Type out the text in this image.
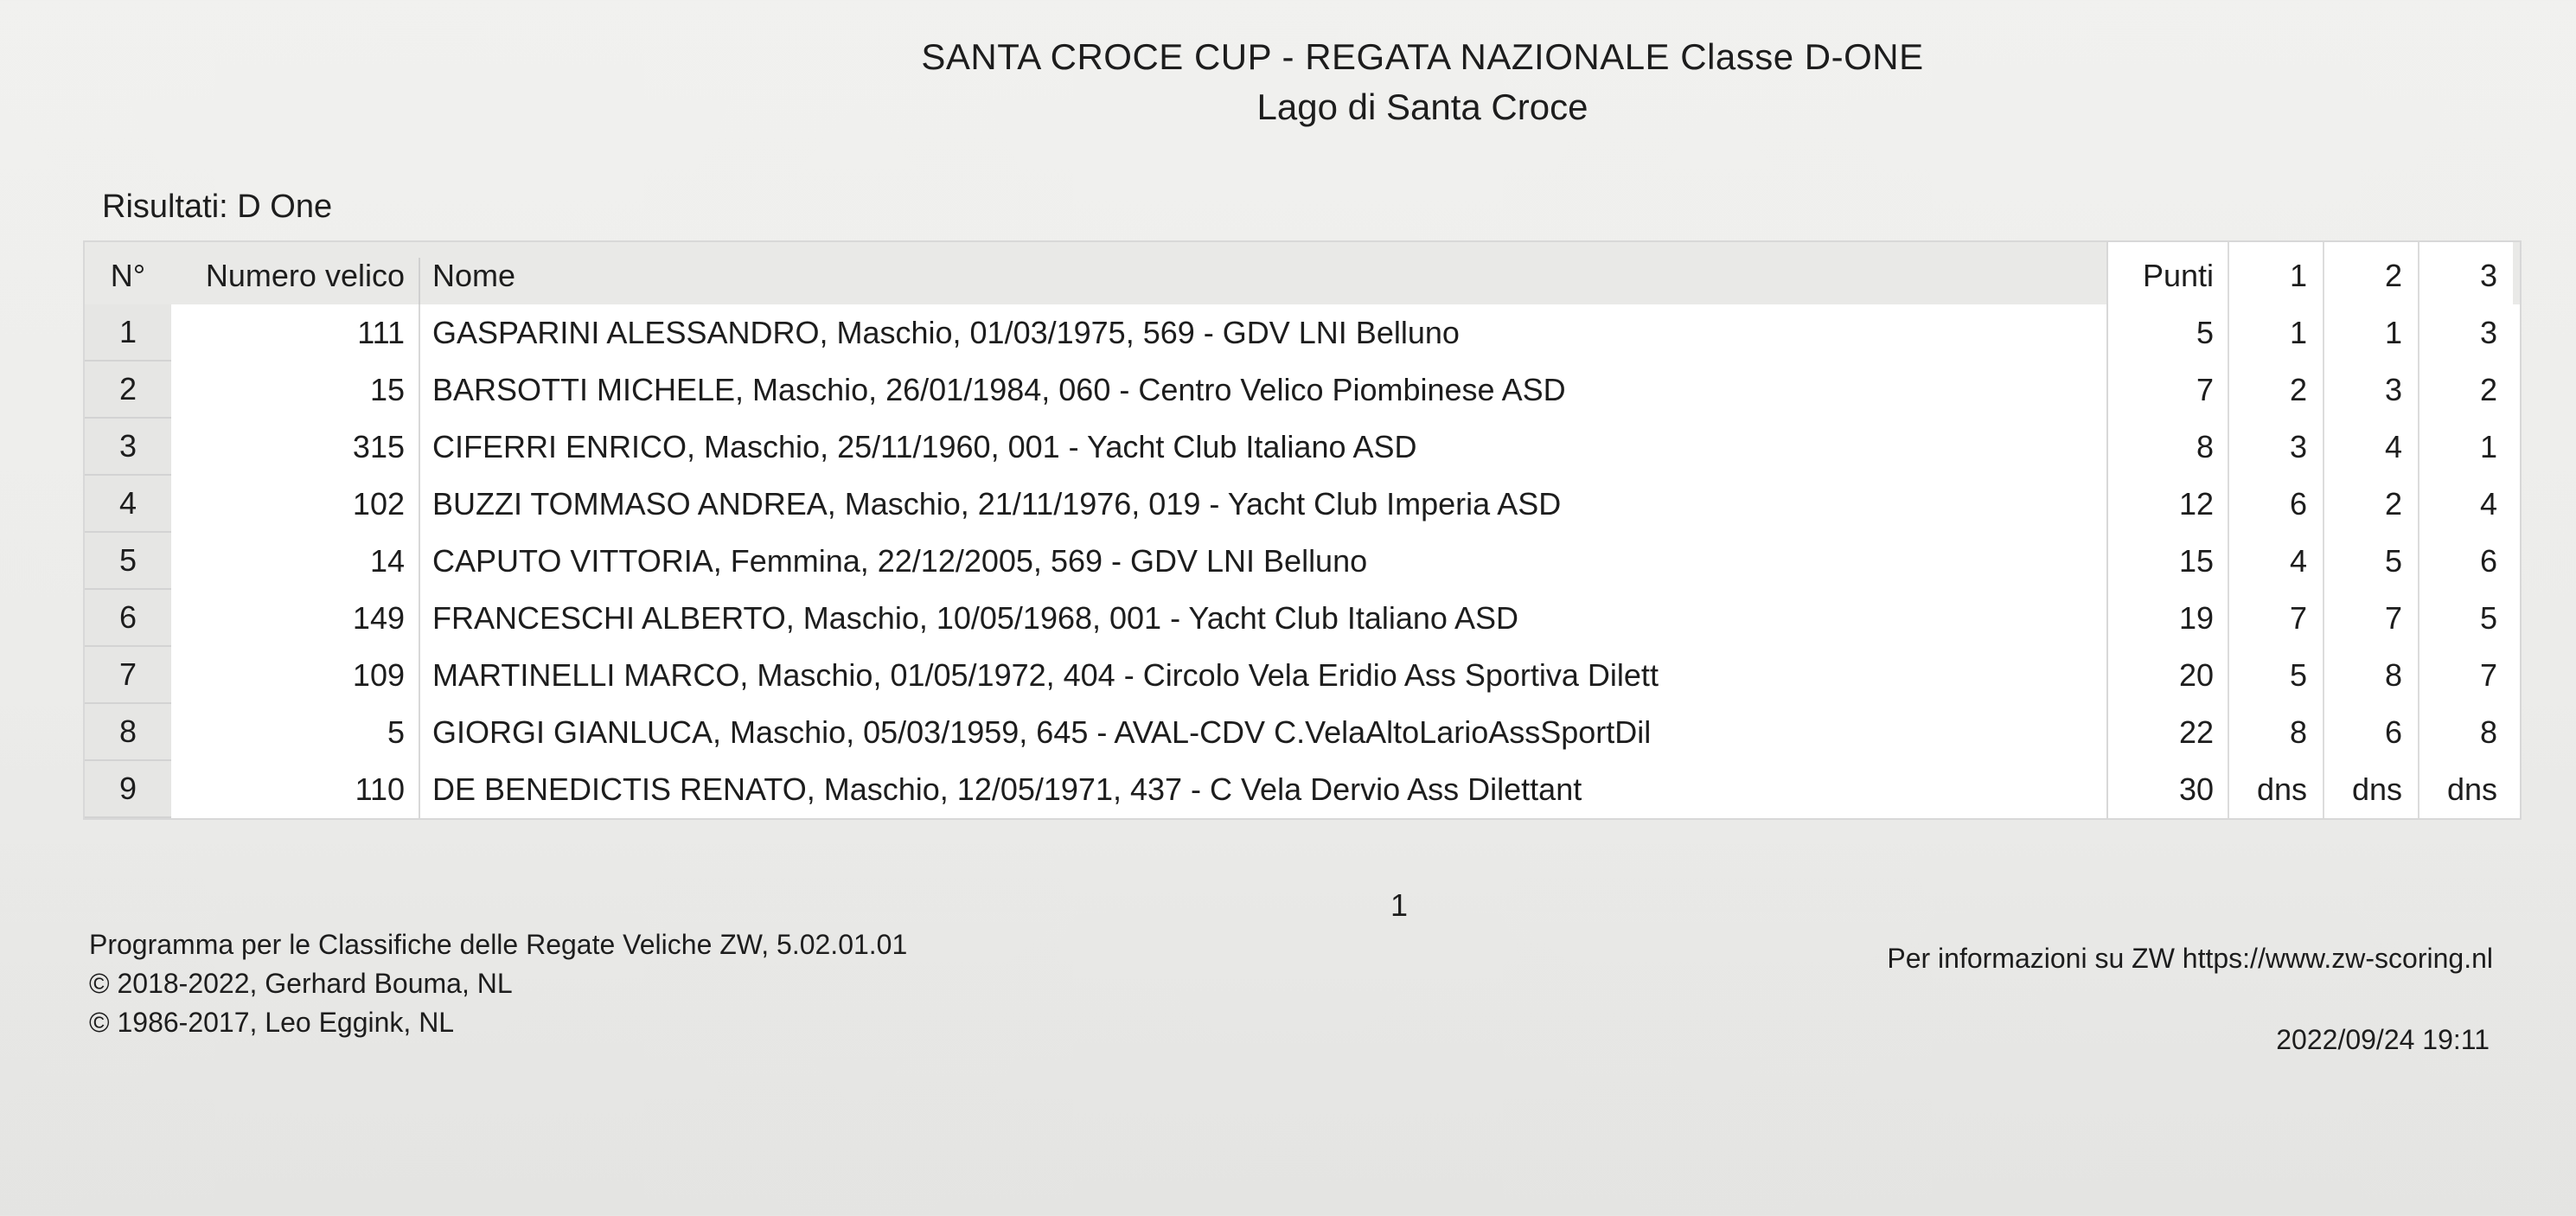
SANTA CROCE CUP - REGATA NAZIONALE Classe D-ONE
Lago di Santa Croce
Risultati: D One
N°	Numero velico Nome	Punti	1	2	3
1	111 GASPARINI ALESSANDRO, Maschio, 01/03/1975, 569 - GDV LNI Belluno	5	1	1	3
2	15 BARSOTTI MICHELE, Maschio, 26/01/1984, 060 - Centro Velico Piombinese ASD	7	2	3	2
3	315 CIFERRI ENRICO, Maschio, 25/11/1960, 001 - Yacht Club Italiano ASD	8	3	4	1
4	102 BUZZI TOMMASO ANDREA, Maschio, 21/11/1976, 019 - Yacht Club Imperia ASD	12	6	2	4
5	14 CAPUTO VITTORIA, Femmina, 22/12/2005, 569 - GDV LNI Belluno	15	4	5	6
6	149 FRANCESCHI ALBERTO, Maschio, 10/05/1968, 001 - Yacht Club Italiano ASD	19	7	7	5
7	109 MARTINELLI MARCO, Maschio, 01/05/1972, 404 - Circolo Vela Eridio Ass Sportiva Dilett	20	5	8	7
8	5 GIORGI GIANLUCA, Maschio, 05/03/1959, 645 - AVAL-CDV C.VelaAltoLarioAssSportDil	22	8	6	8
9	110 DE BENEDICTIS RENATO, Maschio, 12/05/1971, 437 - C Vela Dervio Ass Dilettant	30	dns	dns	dns
1
Programma per le Classifiche delle Regate Veliche ZW, 5.02.01.01
© 2018-2022, Gerhard Bouma, NL
© 1986-2017, Leo Eggink, NL
Per informazioni su ZW https://www.zw-scoring.nl
2022/09/24 19:11
